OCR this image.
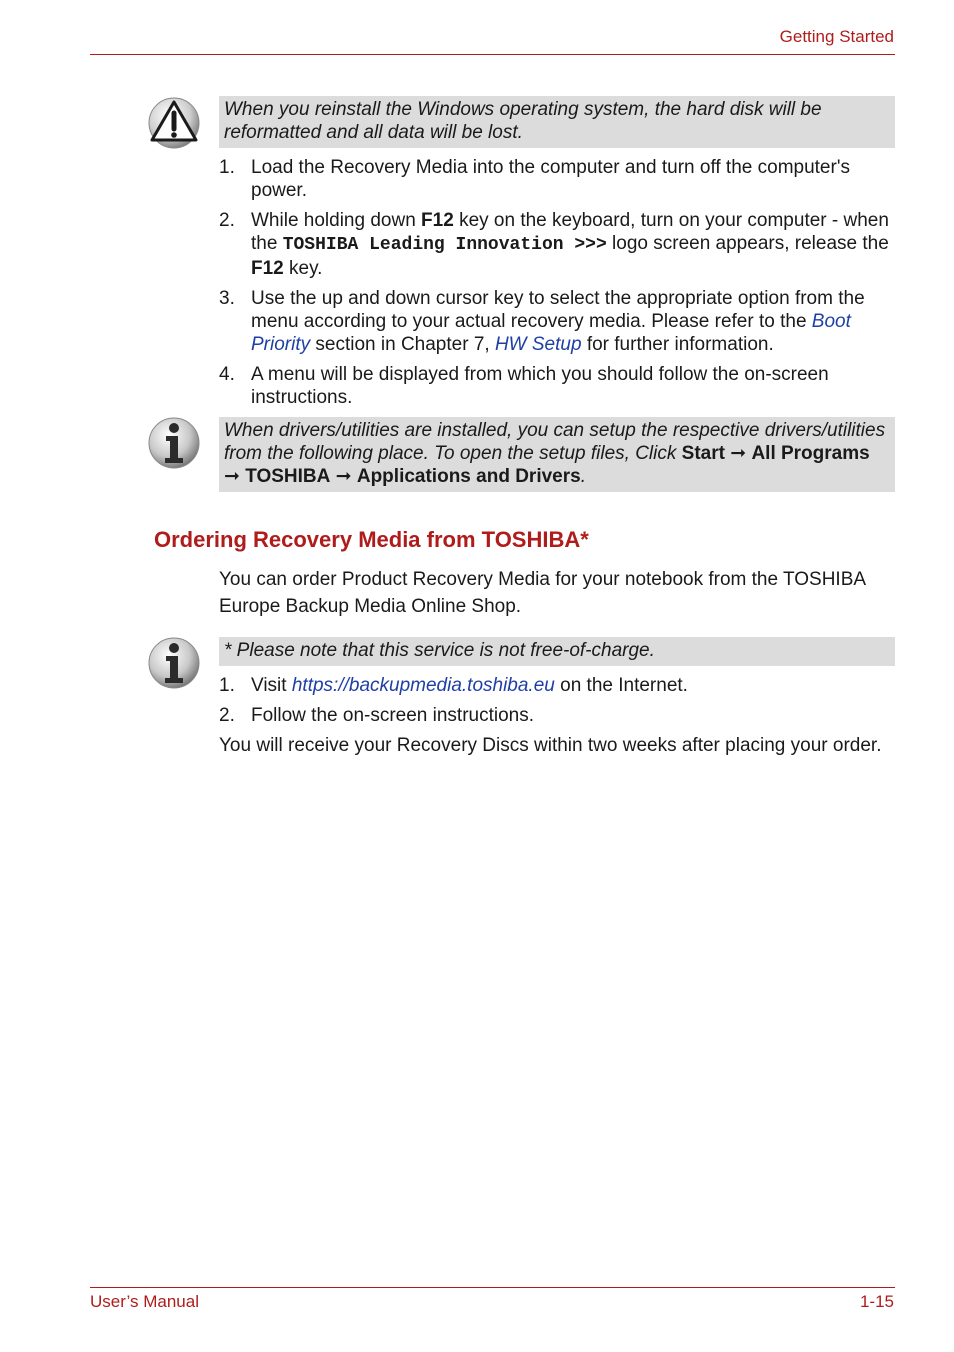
Getting Started
User’s Manual	1-15
When you reinstall the Windows operating system, the hard disk will be reformatted and all data will be lost.
1. Load the Recovery Media into the computer and turn off the computer's power.
2. While holding down F12 key on the keyboard, turn on your computer - when the TOSHIBA Leading Innovation >>> logo screen appears, release the F12 key.
3. Use the up and down cursor key to select the appropriate option from the menu according to your actual recovery media. Please refer to the Boot Priority section in Chapter 7, HW Setup for further information.
4. A menu will be displayed from which you should follow the on-screen instructions.
When drivers/utilities are installed, you can setup the respective drivers/utilities from the following place. To open the setup files, Click Start ➞ All Programs ➞ TOSHIBA ➞ Applications and Drivers.
Ordering Recovery Media from TOSHIBA*
You can order Product Recovery Media for your notebook from the TOSHIBA Europe Backup Media Online Shop.
* Please note that this service is not free-of-charge.
1. Visit https://backupmedia.toshiba.eu on the Internet.
2. Follow the on-screen instructions.
You will receive your Recovery Discs within two weeks after placing your order.
